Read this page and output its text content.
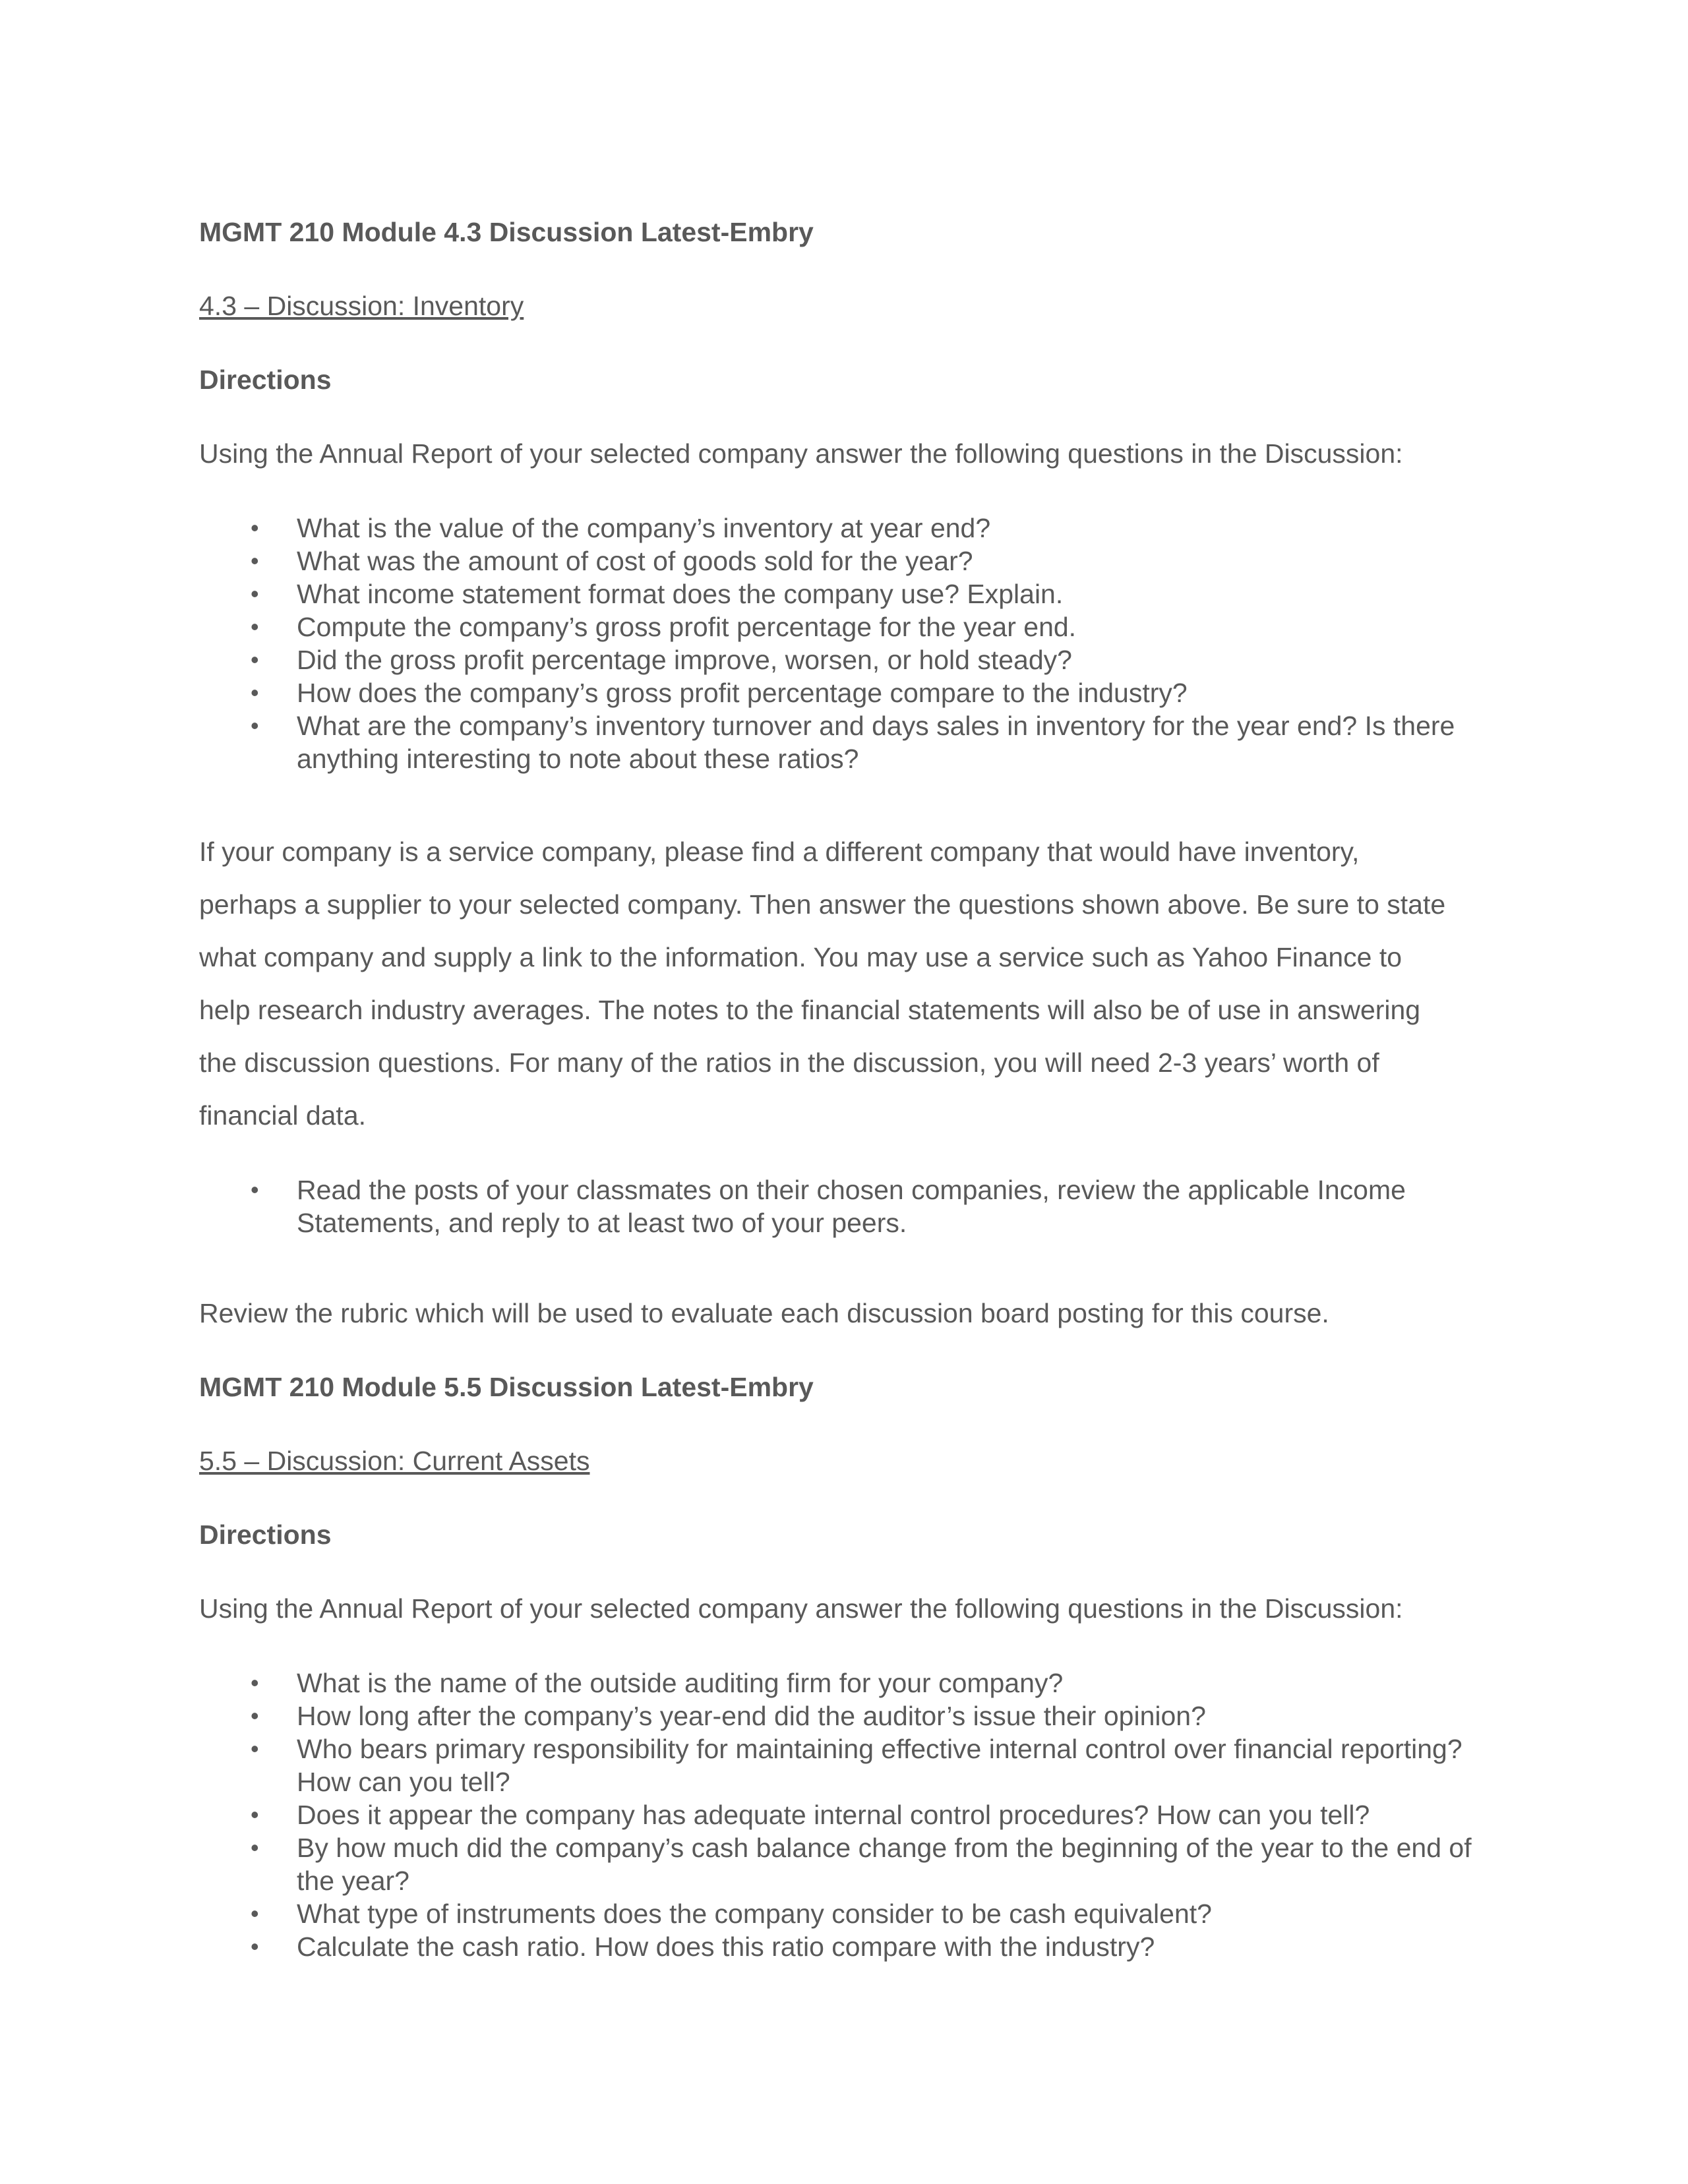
MGMT 210 Module 4.3 Discussion Latest-Embry
4.3 – Discussion: Inventory
Directions
Using the Annual Report of your selected company answer the following questions in the Discussion:
• What is the value of the company’s inventory at year end?
• What was the amount of cost of goods sold for the year?
• What income statement format does the company use? Explain.
• Compute the company’s gross profit percentage for the year end.
• Did the gross profit percentage improve, worsen, or hold steady?
• How does the company’s gross profit percentage compare to the industry?
• What are the company’s inventory turnover and days sales in inventory for the year end? Is there anything interesting to note about these ratios?
If your company is a service company, please find a different company that would have inventory,
perhaps a supplier to your selected company. Then answer the questions shown above. Be sure to state
what company and supply a link to the information. You may use a service such as Yahoo Finance to
help research industry averages. The notes to the financial statements will also be of use in answering
the discussion questions. For many of the ratios in the discussion, you will need 2-3 years’ worth of
financial data.
• Read the posts of your classmates on their chosen companies, review the applicable Income Statements, and reply to at least two of your peers.
Review the rubric which will be used to evaluate each discussion board posting for this course.
MGMT 210 Module 5.5 Discussion Latest-Embry
5.5 – Discussion: Current Assets
Directions
Using the Annual Report of your selected company answer the following questions in the Discussion:
• What is the name of the outside auditing firm for your company?
• How long after the company’s year-end did the auditor’s issue their opinion?
• Who bears primary responsibility for maintaining effective internal control over financial reporting? How can you tell?
• Does it appear the company has adequate internal control procedures? How can you tell?
• By how much did the company’s cash balance change from the beginning of the year to the end of the year?
• What type of instruments does the company consider to be cash equivalent?
• Calculate the cash ratio. How does this ratio compare with the industry?
